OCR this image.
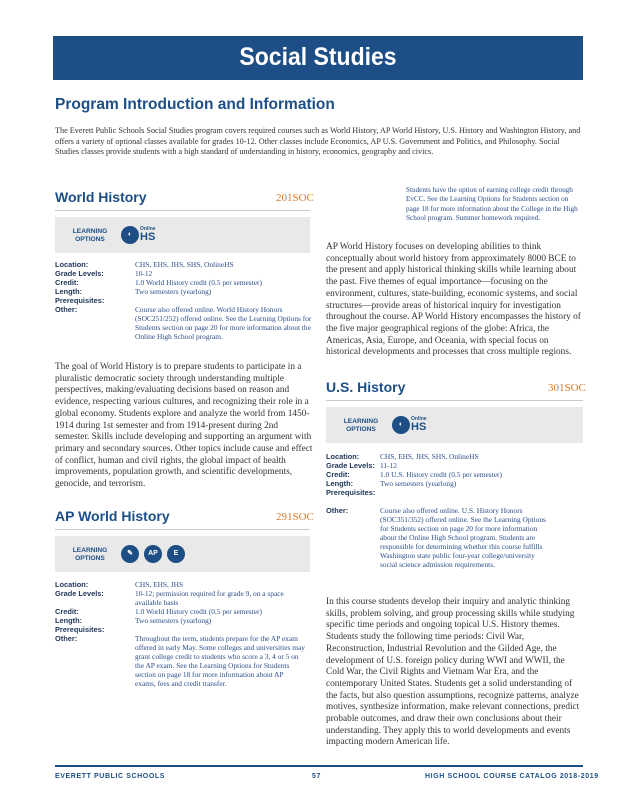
Social Studies
Program Introduction and Information

The Everett Public Schools Social Studies program covers required courses such as World History, AP World History, U.S. History and Washington History, and offers a variety of optional classes available for grades 10-12. Other classes include Economics, AP U.S. Government and Politics, and Philosophy. Social Studies classes provide students with a high standard of understanding in history, economics, geography and civics.

World History	201SOC
LEARNING OPTIONS
◐
Online
HS
Location:	CHS, EHS, JHS, SHS, OnlineHS
Grade Levels:	10-12
Credit:	1.0 World History credit (0.5 per semester)
Length:	Two semesters (yearlong)
Prerequisites:
Other:	Course also offered online. World History Honors (SOC251/252) offered online. See the Learning Options for Students section on page 20 for more information about the Online High School program.

The goal of World History is to prepare students to participate in a pluralistic democratic society through understanding multiple perspectives, making/evaluating decisions based on reason and evidence, respecting various cultures, and recognizing their role in a global economy. Students explore and analyze the world from 1450-1914 during 1st semester and from 1914-present during 2nd semester. Skills include developing and supporting an argument with primary and secondary sources. Other topics include cause and effect of conflict, human and civil rights, the global impact of health improvements, population growth, and scientific developments, genocide, and terrorism.

AP World History	291SOC
LEARNING OPTIONS
✎	AP	E
Location:	CHS, EHS, JHS
Grade Levels:	10-12; permission required for grade 9, on a space available basis
Credit:	1.0 World History credit (0.5 per semester)
Length:	Two semesters (yearlong)
Prerequisites:
Other:	Throughout the term, students prepare for the AP exam offered in early May. Some colleges and universities may grant college credit to students who score a 3, 4 or 5 on the AP exam. See the Learning Options for Students section on page 18 for more information about AP exams, fees and credit transfer.

Students have the option of earning college credit through EvCC. See the Learning Options for Students section on page 18 for more information about the College in the High School program. Summer homework required.

AP World History focuses on developing abilities to think conceptually about world history from approximately 8000 BCE to the present and apply historical thinking skills while learning about the past. Five themes of equal importance—focusing on the environment, cultures, state-building, economic systems, and social structures—provide areas of historical inquiry for investigation throughout the course. AP World History encompasses the history of the five major geographical regions of the globe: Africa, the Americas, Asia, Europe, and Oceania, with special focus on historical developments and processes that cross multiple regions.

U.S. History	301SOC
LEARNING OPTIONS
◐
Online
HS
Location:	CHS, EHS, JHS, SHS, OnlineHS
Grade Levels: 11-12
Credit:	1.0 U.S. History credit (0.5 per semester)
Length:	Two semesters (yearlong)
Prerequisites:
Other:	Course also offered online. U.S. History Honors (SOC351/352) offered online. See the Learning Options for Students section on page 20 for more information about the Online High School program. Students are responsible for determining whether this course fulfills Washington state public four-year college/university social science admission requirements.

In this course students develop their inquiry and analytic thinking skills, problem solving, and group processing skills while studying specific time periods and ongoing topical U.S. History themes. Students study the following time periods: Civil War, Reconstruction, Industrial Revolution and the Gilded Age, the development of U.S. foreign policy during WWI and WWII, the Cold War, the Civil Rights and Vietnam War Era, and the contemporary United States. Students get a solid understanding of the facts, but also question assumptions, recognize patterns, analyze motives, synthesize information, make relevant connections, predict probable outcomes, and draw their own conclusions about their understanding. They apply this to world developments and events impacting modern American life.

EVERETT PUBLIC SCHOOLS	57	HIGH SCHOOL COURSE CATALOG 2018-2019
